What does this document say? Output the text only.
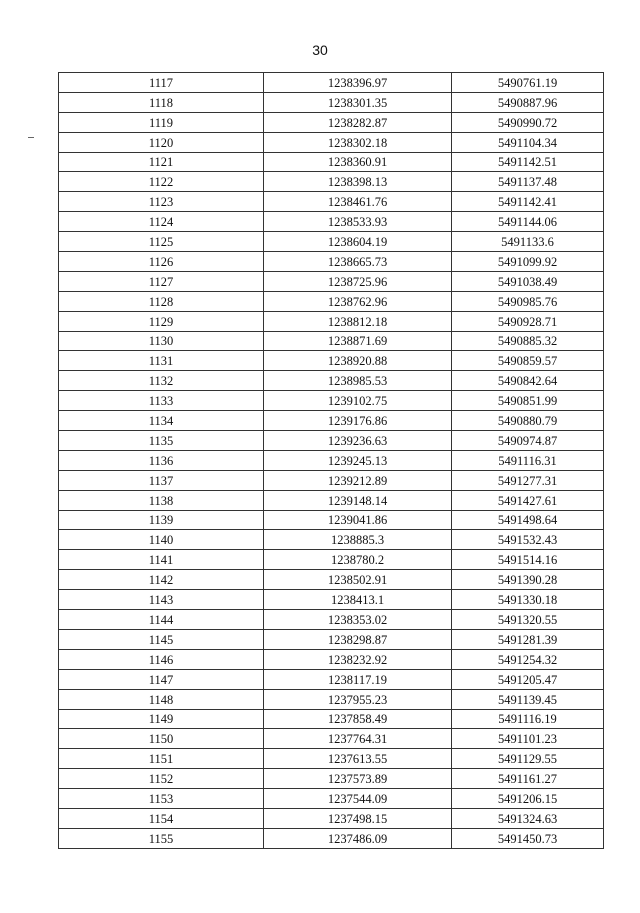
30
1117	1238396.97	5490761.19
1118	1238301.35	5490887.96
1119	1238282.87	5490990.72
1120	1238302.18	5491104.34
1121	1238360.91	5491142.51
1122	1238398.13	5491137.48
1123	1238461.76	5491142.41
1124	1238533.93	5491144.06
1125	1238604.19	5491133.6
1126	1238665.73	5491099.92
1127	1238725.96	5491038.49
1128	1238762.96	5490985.76
1129	1238812.18	5490928.71
1130	1238871.69	5490885.32
1131	1238920.88	5490859.57
1132	1238985.53	5490842.64
1133	1239102.75	5490851.99
1134	1239176.86	5490880.79
1135	1239236.63	5490974.87
1136	1239245.13	5491116.31
1137	1239212.89	5491277.31
1138	1239148.14	5491427.61
1139	1239041.86	5491498.64
1140	1238885.3	5491532.43
1141	1238780.2	5491514.16
1142	1238502.91	5491390.28
1143	1238413.1	5491330.18
1144	1238353.02	5491320.55
1145	1238298.87	5491281.39
1146	1238232.92	5491254.32
1147	1238117.19	5491205.47
1148	1237955.23	5491139.45
1149	1237858.49	5491116.19
1150	1237764.31	5491101.23
1151	1237613.55	5491129.55
1152	1237573.89	5491161.27
1153	1237544.09	5491206.15
1154	1237498.15	5491324.63
1155	1237486.09	5491450.73
